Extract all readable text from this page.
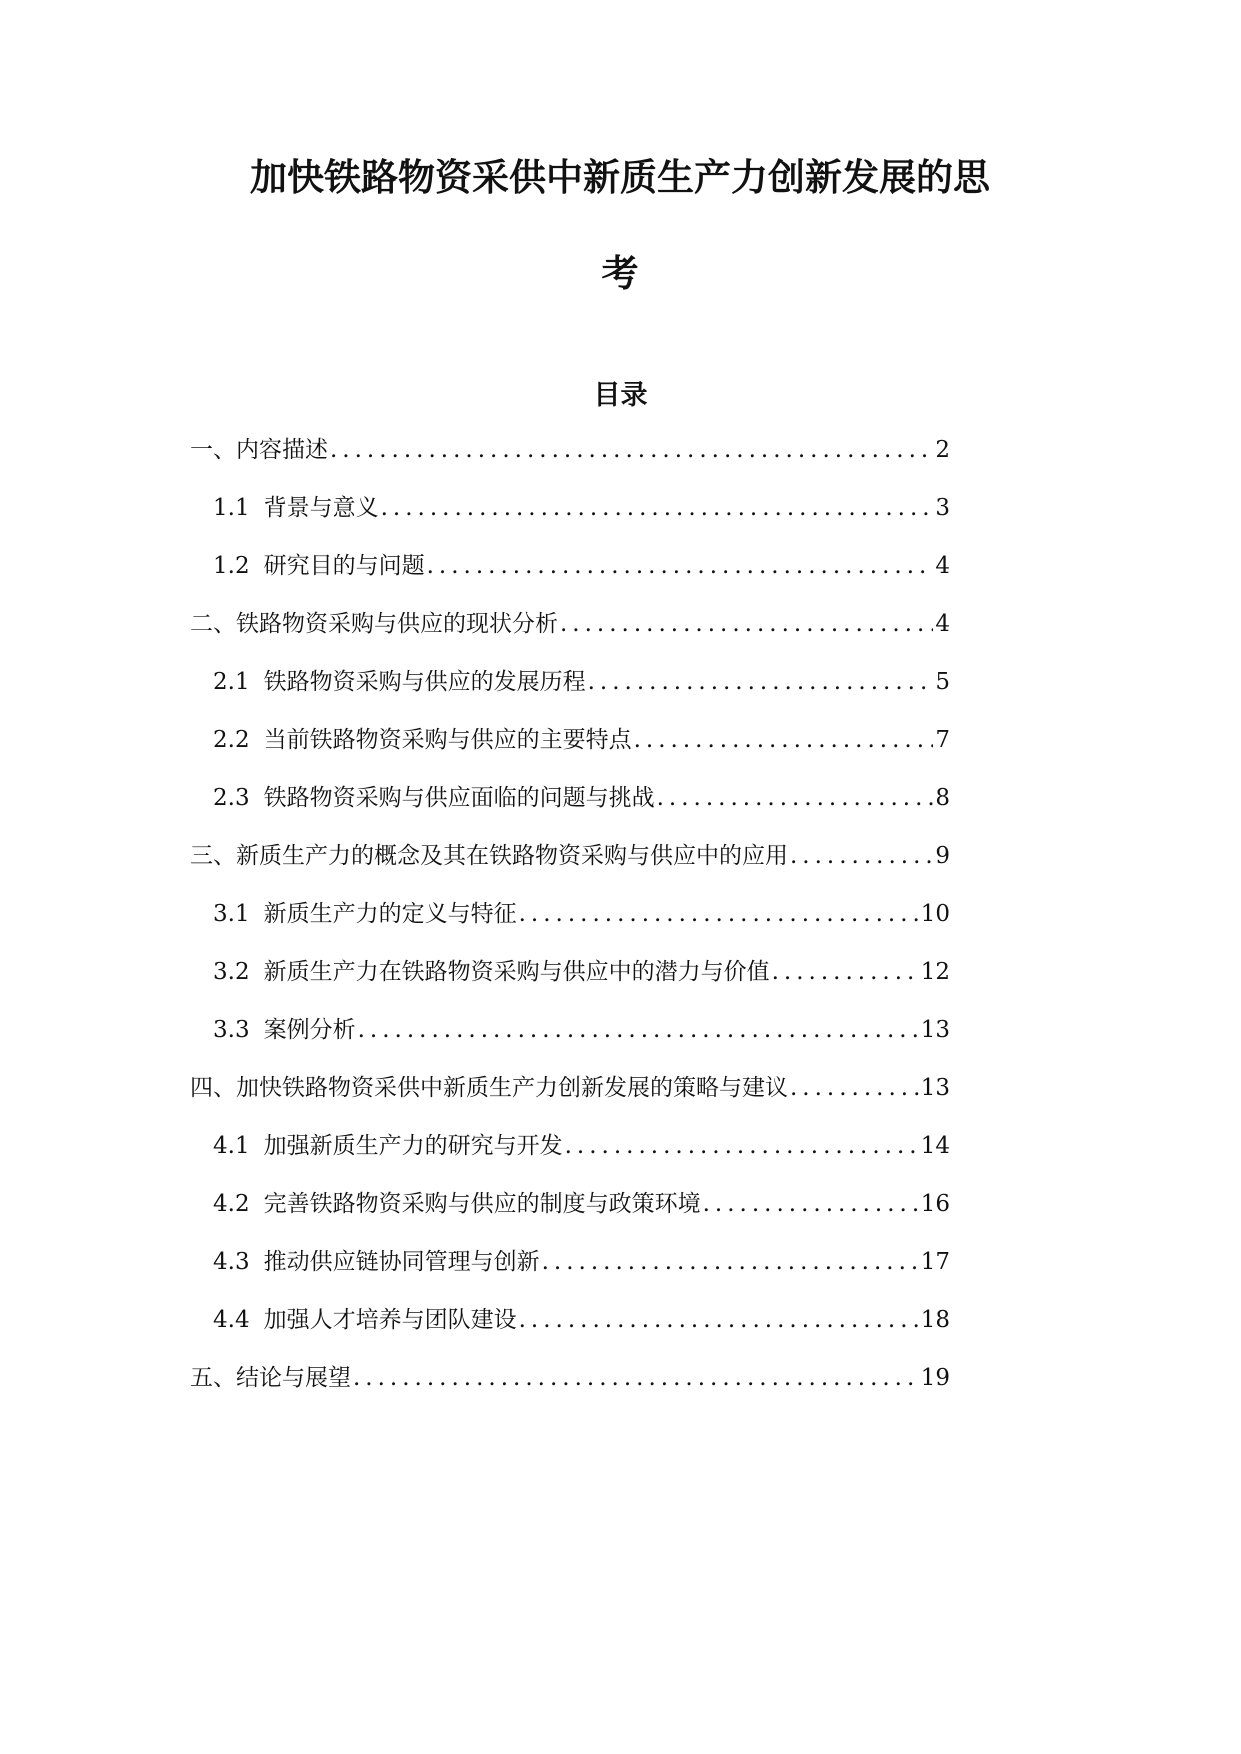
加快铁路物资采供中新质生产力创新发展的思
考
目录
一、内容描述 .....	2
1.1 背景与意义 .....	3
1.2 研究目的与问题 .....	4
二、铁路物资采购与供应的现状分析 .....	4
2.1 铁路物资采购与供应的发展历程 .....	5
2.2 当前铁路物资采购与供应的主要特点 .....	7
2.3 铁路物资采购与供应面临的问题与挑战 .....	8
三、新质生产力的概念及其在铁路物资采购与供应中的应用 .....	9
3.1 新质生产力的定义与特征 .....	10
3.2 新质生产力在铁路物资采购与供应中的潜力与价值 .....	12
3.3 案例分析 .....	13
四、加快铁路物资采供中新质生产力创新发展的策略与建议 .....	13
4.1 加强新质生产力的研究与开发 .....	14
4.2 完善铁路物资采购与供应的制度与政策环境 .....	16
4.3 推动供应链协同管理与创新 .....	17
4.4 加强人才培养与团队建设 .....	18
五、结论与展望 .....	19
